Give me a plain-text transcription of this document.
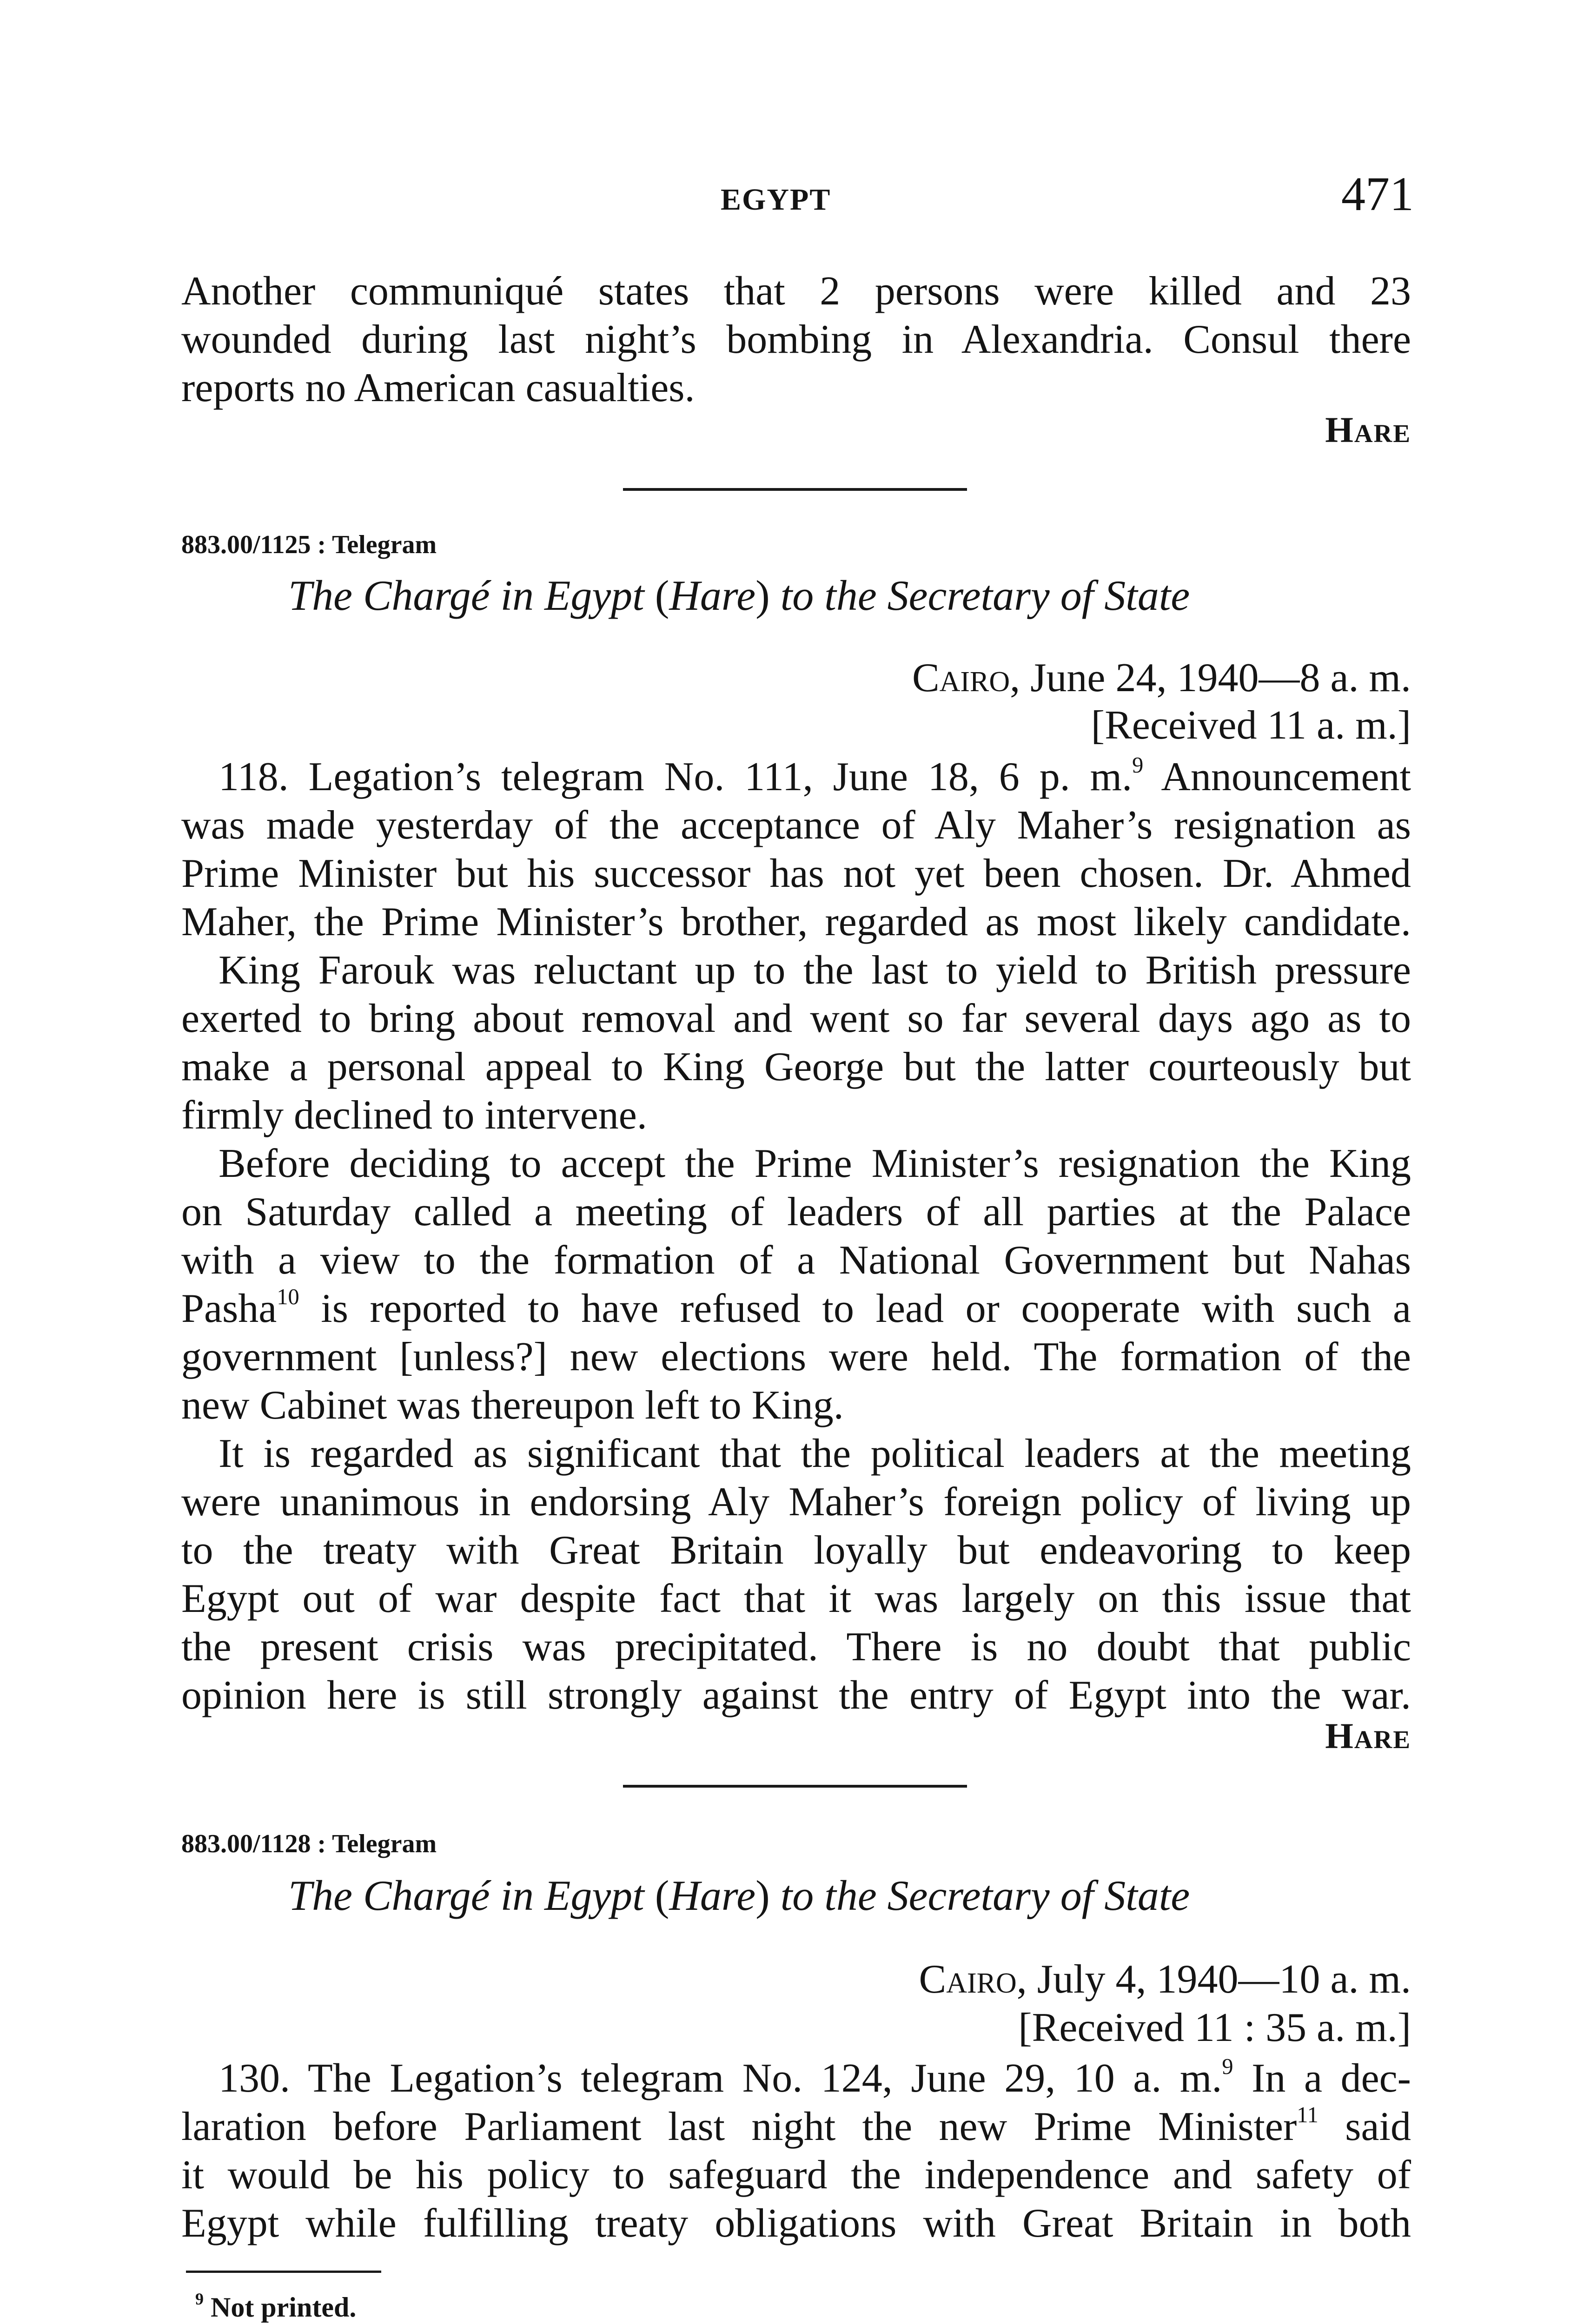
EGYPT	471
Another communiqué states that 2 persons were killed and 23
wounded during last night’s bombing in Alexandria. Consul there
reports no American casualties.
Hare
883.00/1125 : Telegram
The Chargé in Egypt (Hare) to the Secretary of State
Cairo, June 24, 1940—8 a. m.
[Received 11 a. m.]
118. Legation’s telegram No. 111, June 18, 6 p. m.$^9$ Announcement
was made yesterday of the acceptance of Aly Maher’s resignation as
Prime Minister but his successor has not yet been chosen. Dr. Ahmed
Maher, the Prime Minister’s brother, regarded as most likely candidate.
King Farouk was reluctant up to the last to yield to British pressure
exerted to bring about removal and went so far several days ago as to
make a personal appeal to King George but the latter courteously but
firmly declined to intervene.
Before deciding to accept the Prime Minister’s resignation the King
on Saturday called a meeting of leaders of all parties at the Palace
with a view to the formation of a National Government but Nahas
Pasha$^{10}$ is reported to have refused to lead or cooperate with such a
government [unless?] new elections were held. The formation of the
new Cabinet was thereupon left to King.
It is regarded as significant that the political leaders at the meeting
were unanimous in endorsing Aly Maher’s foreign policy of living up
to the treaty with Great Britain loyally but endeavoring to keep
Egypt out of war despite fact that it was largely on this issue that
the present crisis was precipitated. There is no doubt that public
opinion here is still strongly against the entry of Egypt into the war.
Hare
883.00/1128 : Telegram
The Chargé in Egypt (Hare) to the Secretary of State
Cairo, July 4, 1940—10 a. m.
[Received 11 : 35 a. m.]
130. The Legation’s telegram No. 124, June 29, 10 a. m.$^9$ In a dec-
laration before Parliament last night the new Prime Minister$^{11}$ said
it would be his policy to safeguard the independence and safety of
Egypt while fulfilling treaty obligations with Great Britain in both
$^9$ Not printed.
